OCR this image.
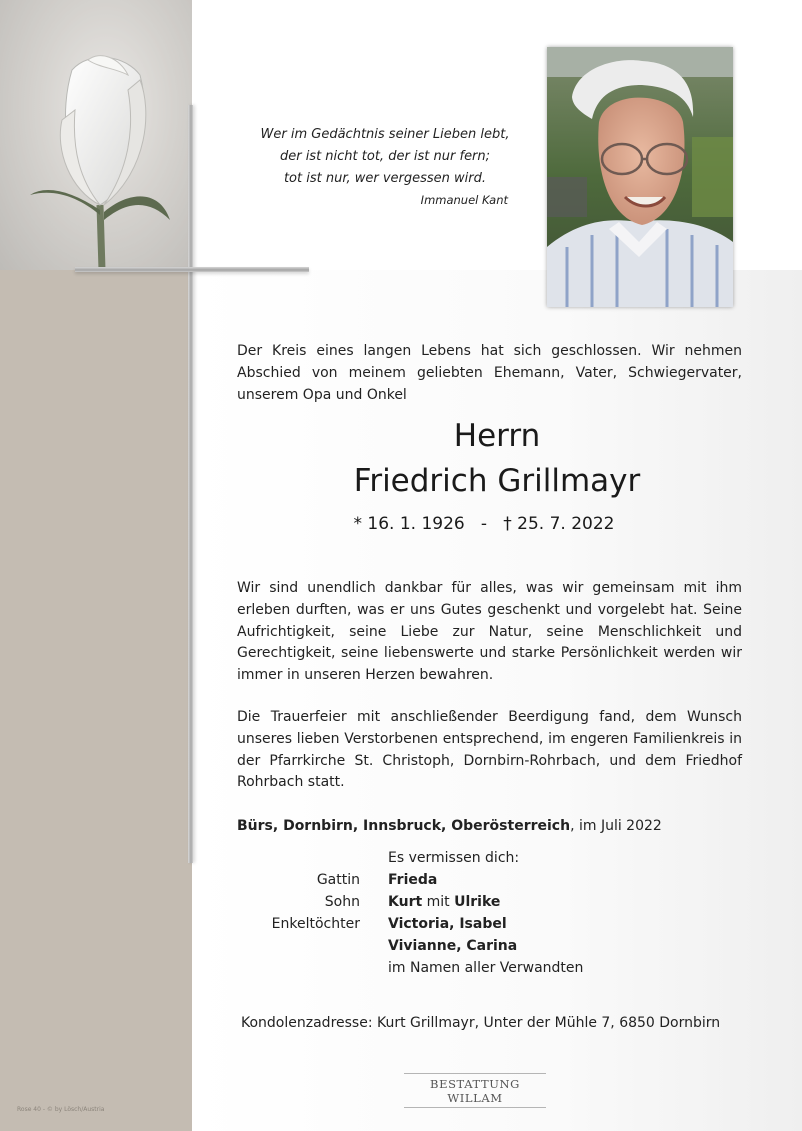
Wer im Gedächtnis seiner Lieben lebt,
der ist nicht tot, der ist nur fern;
tot ist nur, wer vergessen wird.
Immanuel Kant
Der Kreis eines langen Lebens hat sich geschlossen. Wir nehmen Abschied von meinem geliebten Ehemann, Vater, Schwiegervater, unserem Opa und Onkel
Herrn
Friedrich Grillmayr
* 16. 1. 1926   -   † 25. 7. 2022
Wir sind unendlich dankbar für alles, was wir gemeinsam mit ihm erleben durften, was er uns Gutes geschenkt und vorgelebt hat. Seine Aufrichtigkeit, seine Liebe zur Natur, seine Menschlichkeit und Gerechtigkeit, seine liebenswerte und starke Persönlichkeit werden wir immer in unseren Herzen bewahren.
Die Trauerfeier mit anschließender Beerdigung fand, dem Wunsch unseres lieben Verstorbenen entsprechend, im engeren Familienkreis in der Pfarrkirche St. Christoph, Dornbirn-Rohrbach, und dem Friedhof Rohrbach statt.
Bürs, Dornbirn, Innsbruck, Oberösterreich, im Juli 2022
Es vermissen dich:
Gattin Frieda
Sohn Kurt mit Ulrike
Enkeltöchter Victoria, Isabel
Vivianne, Carina
im Namen aller Verwandten
Kondolenzadresse: Kurt Grillmayr, Unter der Mühle 7, 6850 Dornbirn
BESTATTUNG WILLAM
Rose 40 - © by Lösch/Austria
